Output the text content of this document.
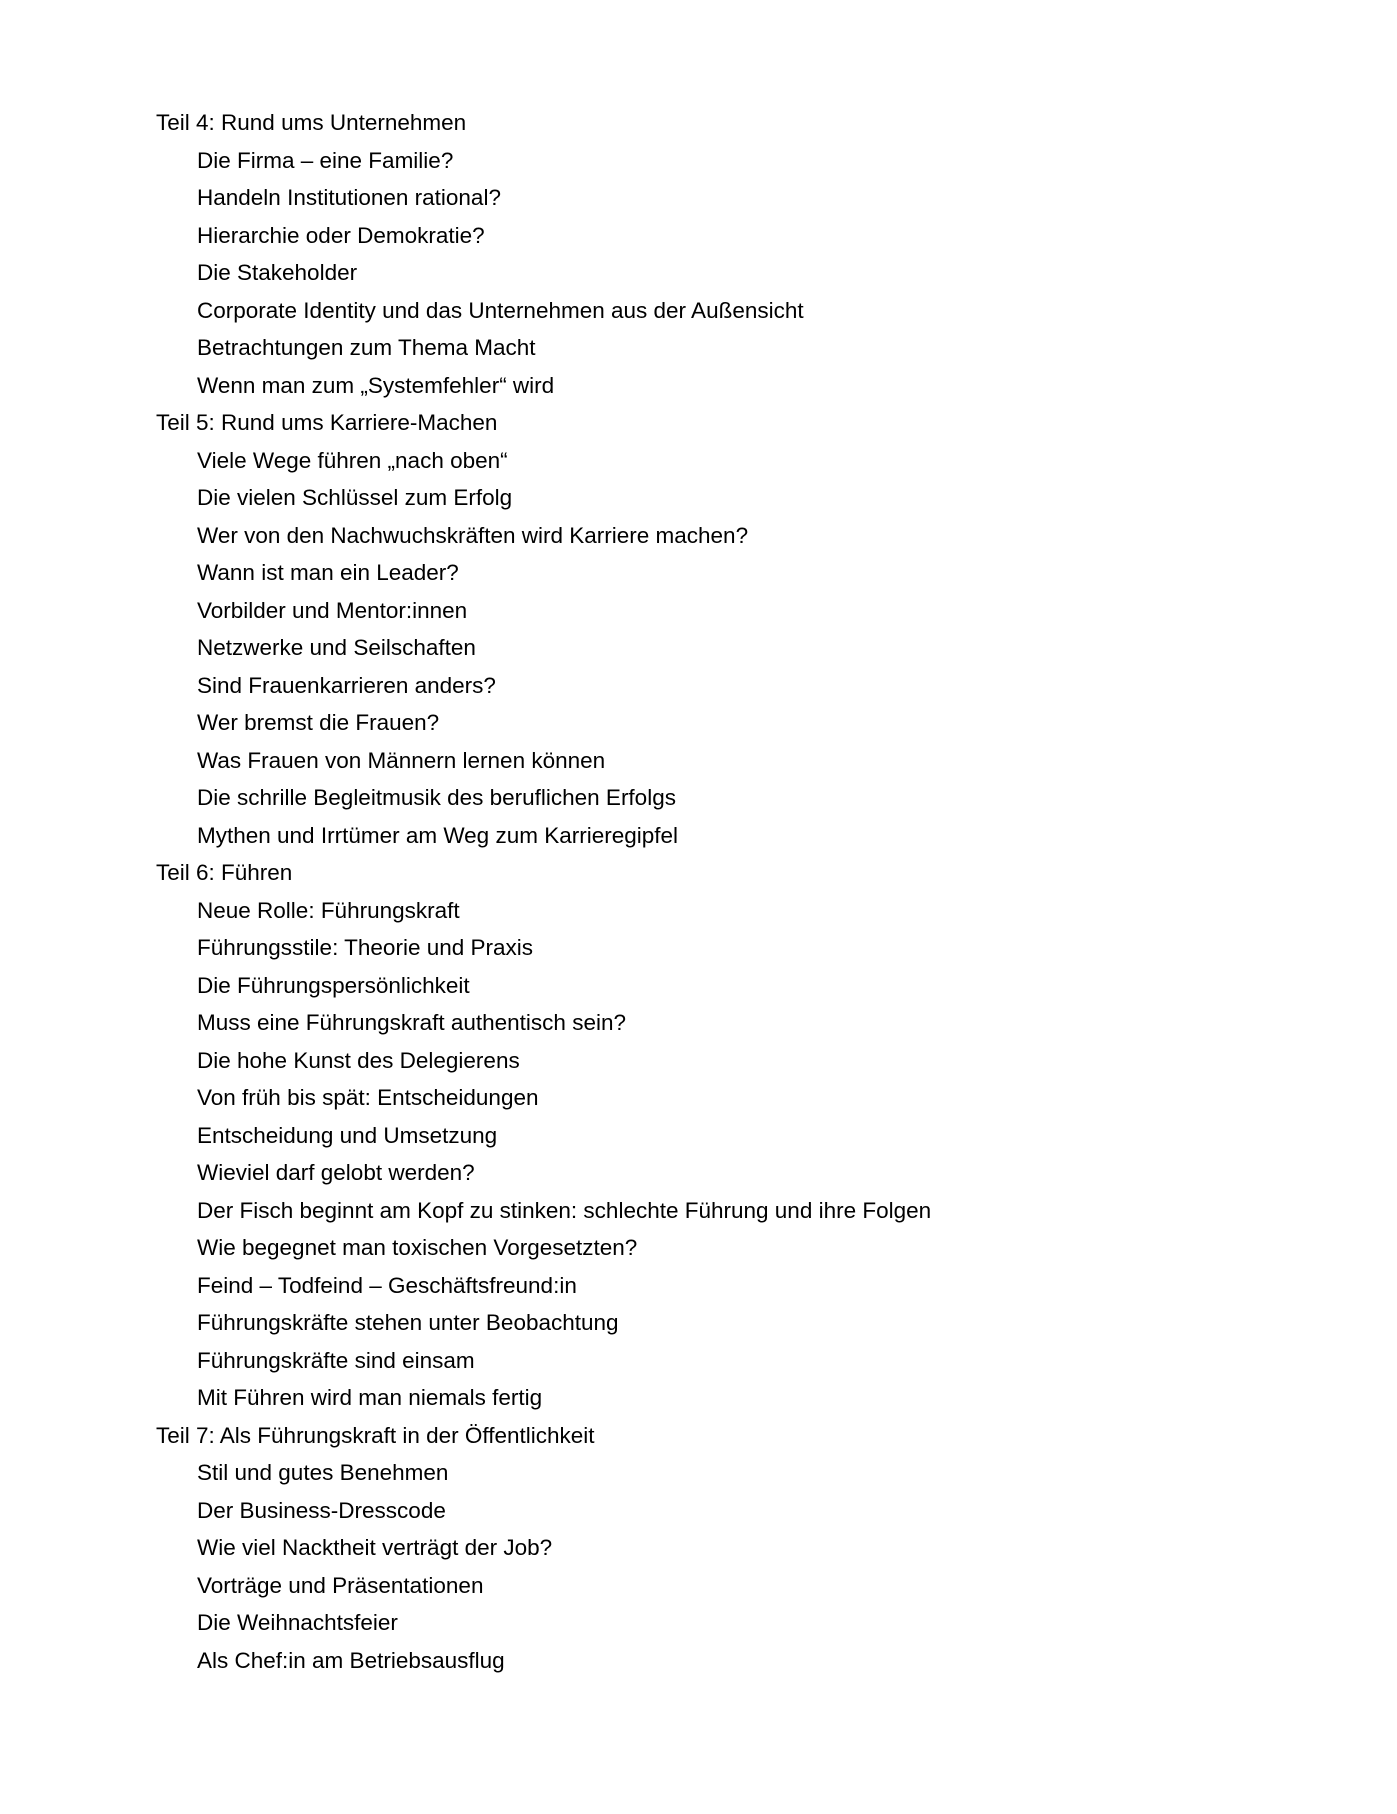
Teil 4: Rund ums Unternehmen
Die Firma – eine Familie?
Handeln Institutionen rational?
Hierarchie oder Demokratie?
Die Stakeholder
Corporate Identity und das Unternehmen aus der Außensicht
Betrachtungen zum Thema Macht
Wenn man zum „Systemfehler“ wird
Teil 5: Rund ums Karriere-Machen
Viele Wege führen „nach oben“
Die vielen Schlüssel zum Erfolg
Wer von den Nachwuchskräften wird Karriere machen?
Wann ist man ein Leader?
Vorbilder und Mentor:innen
Netzwerke und Seilschaften
Sind Frauenkarrieren anders?
Wer bremst die Frauen?
Was Frauen von Männern lernen können
Die schrille Begleitmusik des beruflichen Erfolgs
Mythen und Irrtümer am Weg zum Karrieregipfel
Teil 6: Führen
Neue Rolle: Führungskraft
Führungsstile: Theorie und Praxis
Die Führungspersönlichkeit
Muss eine Führungskraft authentisch sein?
Die hohe Kunst des Delegierens
Von früh bis spät: Entscheidungen
Entscheidung und Umsetzung
Wieviel darf gelobt werden?
Der Fisch beginnt am Kopf zu stinken: schlechte Führung und ihre Folgen
Wie begegnet man toxischen Vorgesetzten?
Feind – Todfeind – Geschäftsfreund:in
Führungskräfte stehen unter Beobachtung
Führungskräfte sind einsam
Mit Führen wird man niemals fertig
Teil 7: Als Führungskraft in der Öffentlichkeit
Stil und gutes Benehmen
Der Business-Dresscode
Wie viel Nacktheit verträgt der Job?
Vorträge und Präsentationen
Die Weihnachtsfeier
Als Chef:in am Betriebsausflug
